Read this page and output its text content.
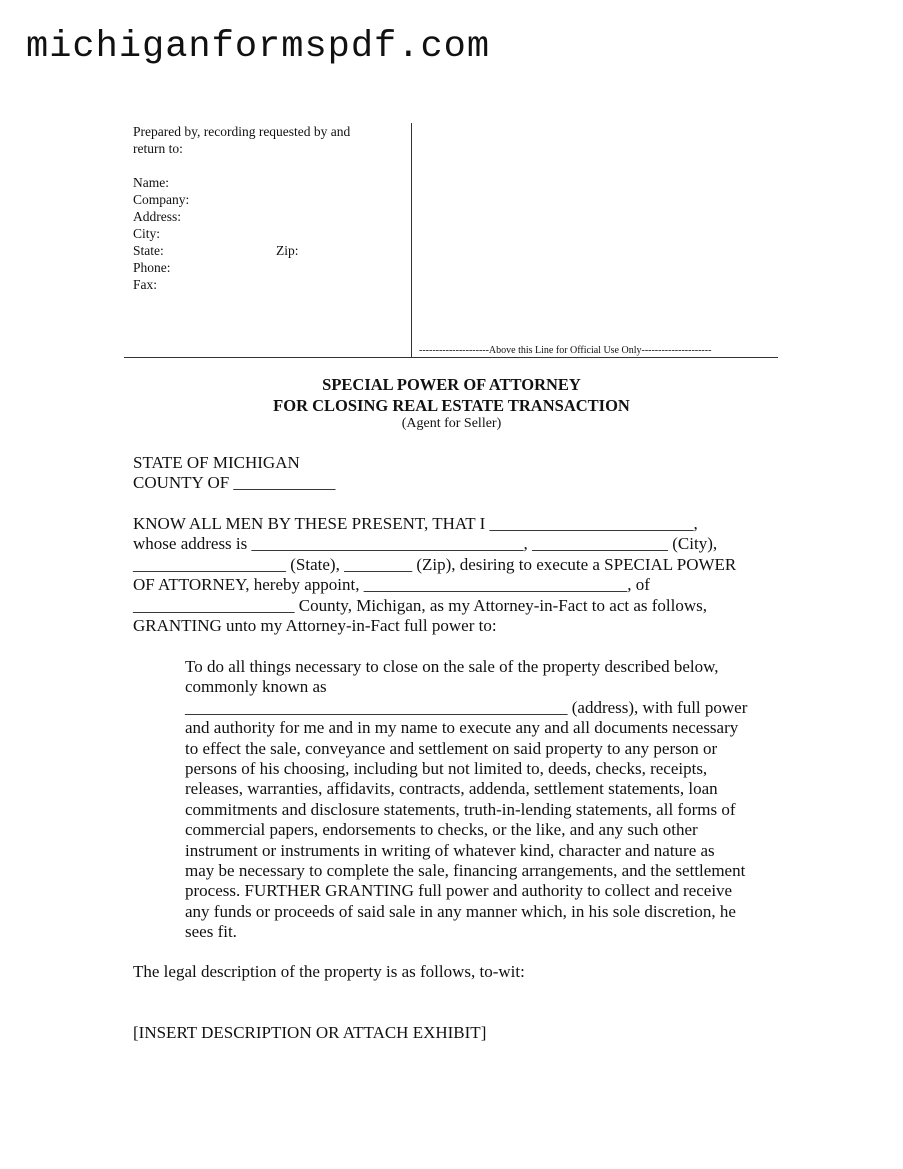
michiganformspdf.com
Prepared by, recording requested by and
return to:
Name:
Company:
Address:
City:
State:	Zip:
Phone:
Fax:
---------------------Above this Line for Official Use Only---------------------
SPECIAL POWER OF ATTORNEY
FOR CLOSING REAL ESTATE TRANSACTION
(Agent for Seller)
STATE OF MICHIGAN
COUNTY OF ____________
KNOW ALL MEN BY THESE PRESENT, THAT I ________________________,
whose address is ________________________________, ________________ (City),
__________________ (State), ________ (Zip), desiring to execute a SPECIAL POWER
OF ATTORNEY, hereby appoint, _______________________________, of
___________________ County, Michigan, as my Attorney-in-Fact to act as follows,
GRANTING unto my Attorney-in-Fact full power to:
To do all things necessary to close on the sale of the property described below,
commonly known as
_____________________________________________ (address), with full power
and authority for me and in my name to execute any and all documents necessary
to effect the sale, conveyance and settlement on said property to any person or
persons of his choosing, including but not limited to, deeds, checks, receipts,
releases, warranties, affidavits, contracts, addenda, settlement statements, loan
commitments and disclosure statements, truth-in-lending statements, all forms of
commercial papers, endorsements to checks, or the like, and any such other
instrument or instruments in writing of whatever kind, character and nature as
may be necessary to complete the sale, financing arrangements, and the settlement
process. FURTHER GRANTING full power and authority to collect and receive
any funds or proceeds of said sale in any manner which, in his sole discretion, he
sees fit.
The legal description of the property is as follows, to-wit:
[INSERT DESCRIPTION OR ATTACH EXHIBIT]
